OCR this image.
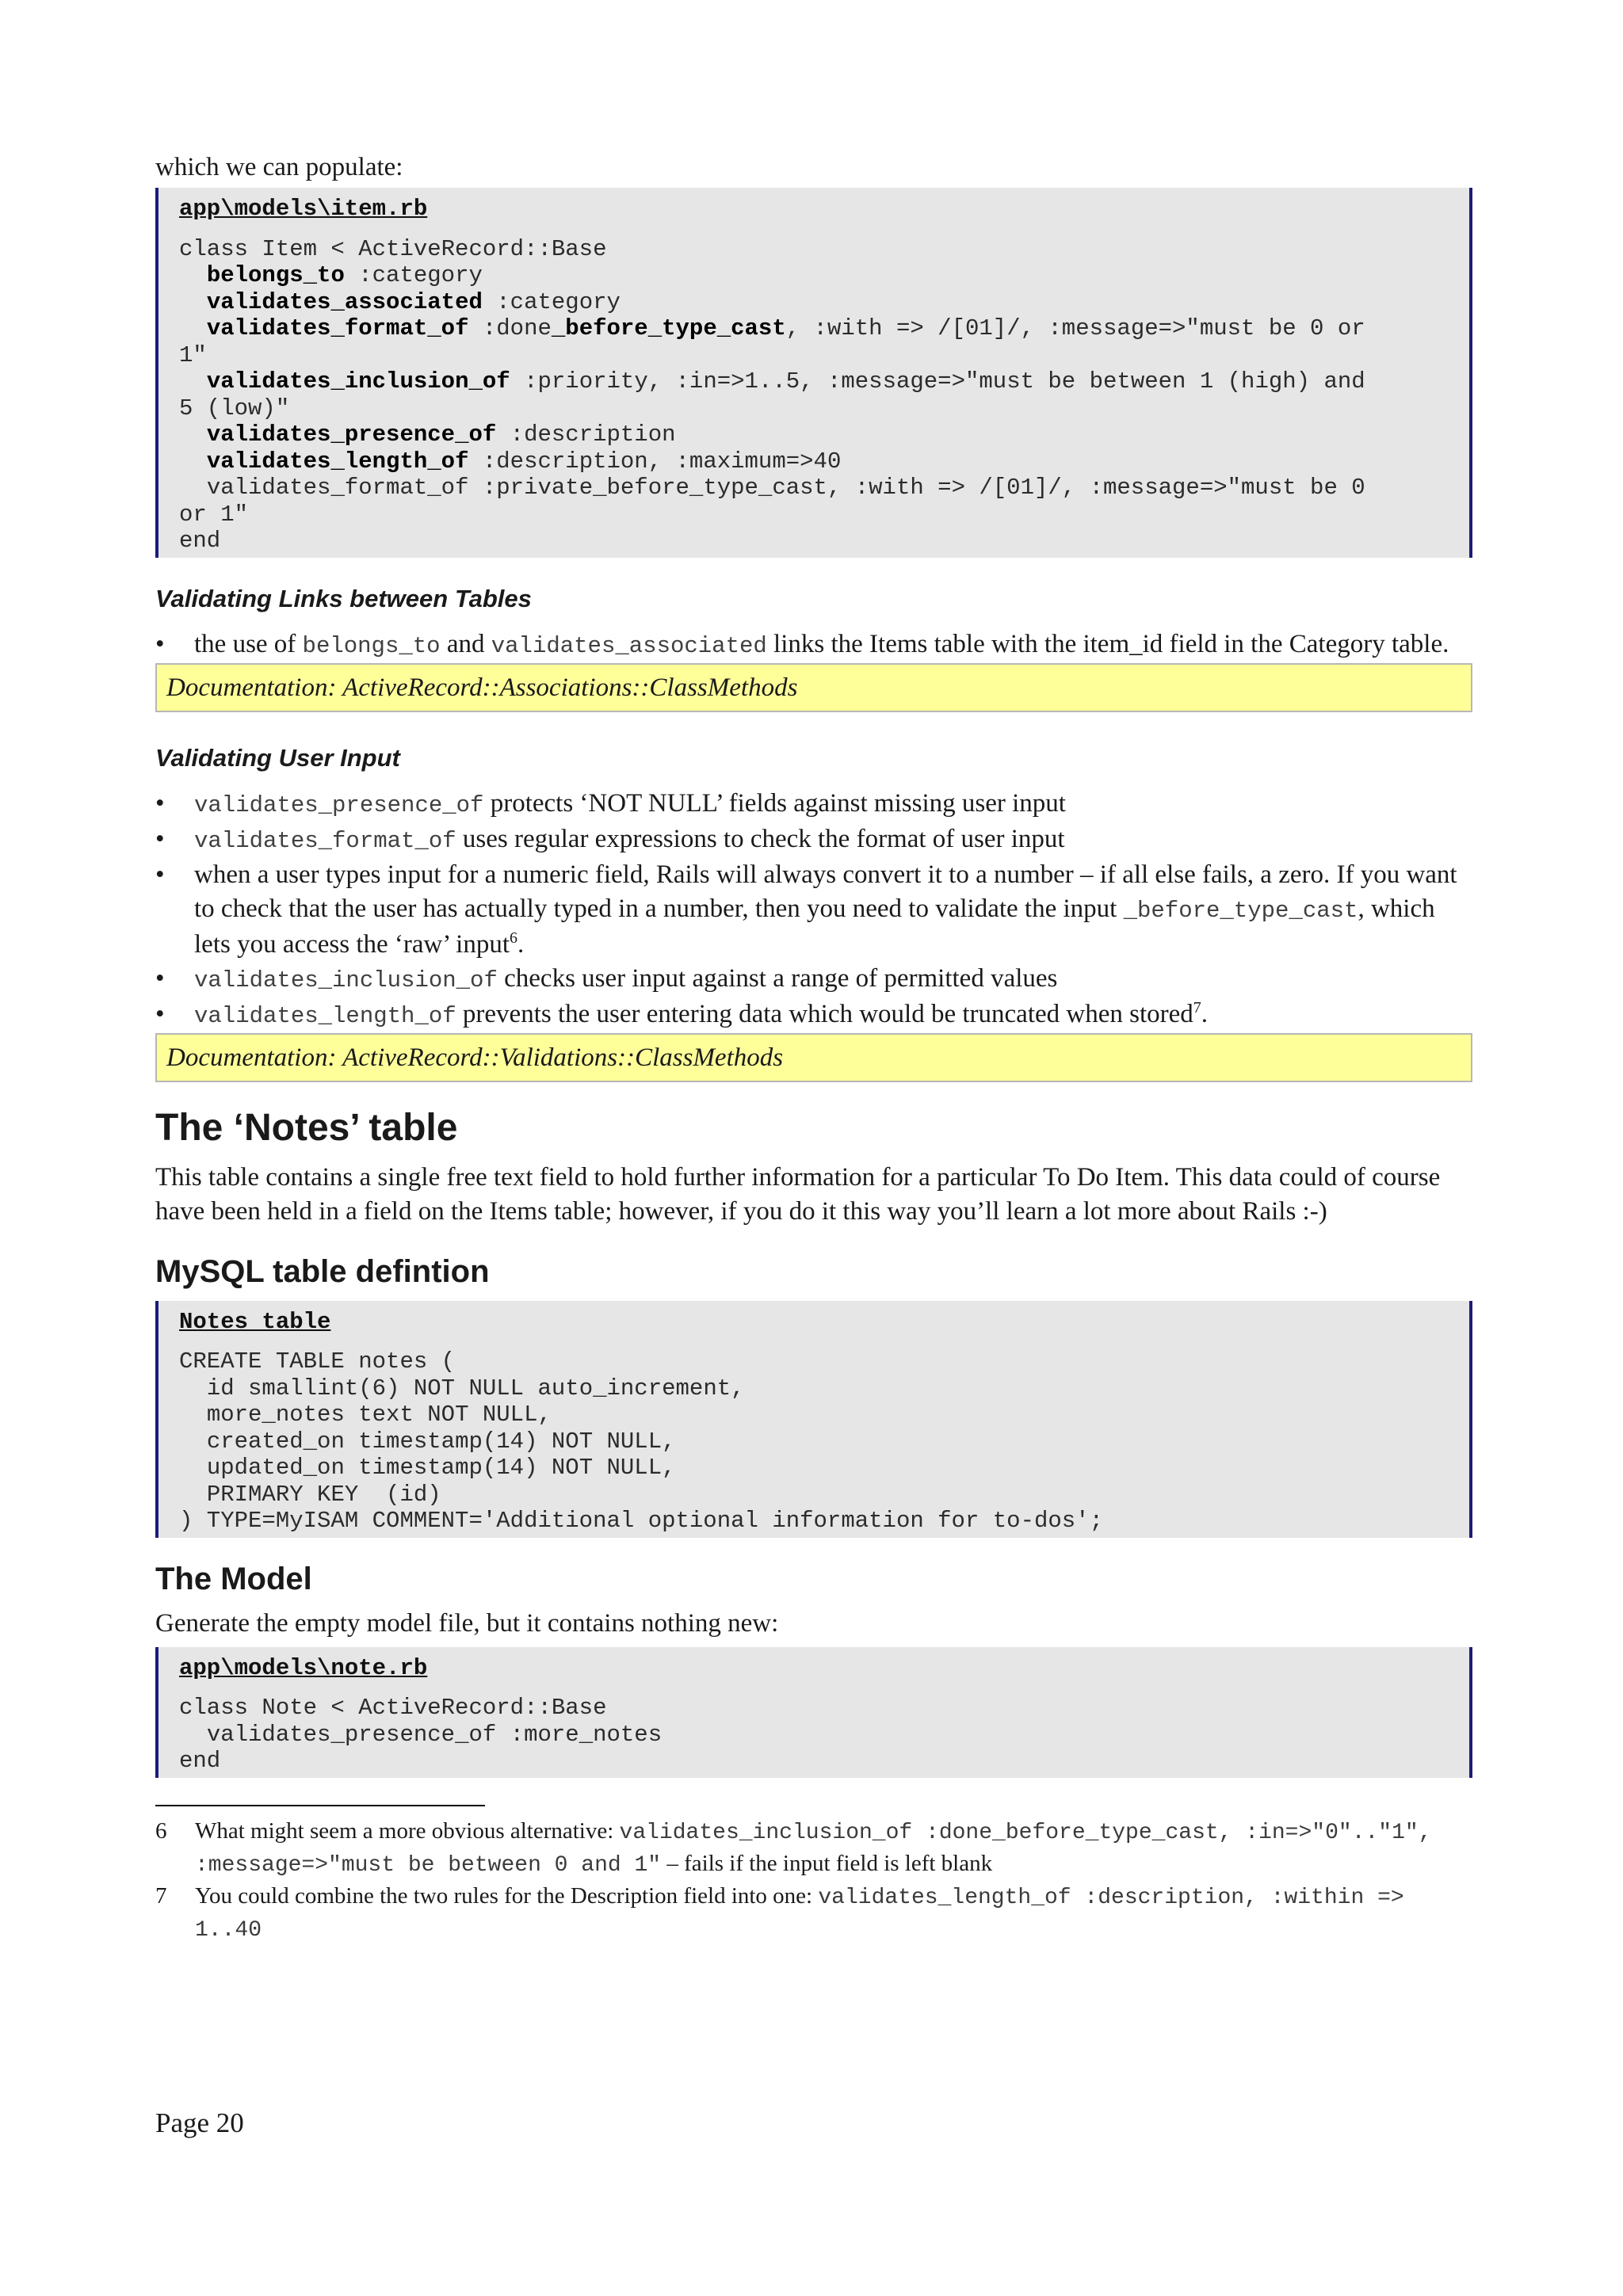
which we can populate:

app\models\item.rb
class Item < ActiveRecord::Base
belongs_to :category
validates_associated :category
validates_format_of :done_before_type_cast, :with => /[01]/, :message=>"must be 0 or
1"
validates_inclusion_of :priority, :in=>1..5, :message=>"must be between 1 (high) and
5 (low)"
validates_presence_of :description
validates_length_of :description, :maximum=>40
validates_format_of :private_before_type_cast, :with => /[01]/, :message=>"must be 0
or 1"
end
Validating Links between Tables
• the use of belongs_to and validates_associated links the Items table with the item_id field in the Category table.
Documentation: ActiveRecord::Associations::ClassMethods
Validating User Input
• validates_presence_of protects ‘NOT NULL’ fields against missing user input
• validates_format_of uses regular expressions to check the format of user input
• when a user types input for a numeric field, Rails will always convert it to a number – if all else fails, a zero. If you want to check that the user has actually typed in a number, then you need to validate the input _before_type_cast, which lets you access the ‘raw’ input$^6$.
• validates_inclusion_of checks user input against a range of permitted values
• validates_length_of prevents the user entering data which would be truncated when stored$^7$.
Documentation: ActiveRecord::Validations::ClassMethods
The ‘Notes’ table

This table contains a single free text field to hold further information for a particular To Do Item. This data could of course have been held in a field on the Items table; however, if you do it this way you’ll learn a lot more about Rails :-)

MySQL table defintion
Notes table
CREATE TABLE notes (
id smallint(6) NOT NULL auto_increment,
more_notes text NOT NULL,
created_on timestamp(14) NOT NULL,
updated_on timestamp(14) NOT NULL,
PRIMARY KEY  (id)
) TYPE=MyISAM COMMENT='Additional optional information for to-dos';
The Model

Generate the empty model file, but it contains nothing new:

app\models\note.rb
class Note < ActiveRecord::Base
validates_presence_of :more_notes
end
6 What might seem a more obvious alternative: validates_inclusion_of :done_before_type_cast, :in=>"0".."1", :message=>"must be between 0 and 1" – fails if the input field is left blank
7 You could combine the two rules for the Description field into one: validates_length_of :description, :within => 1..40
Page 20
